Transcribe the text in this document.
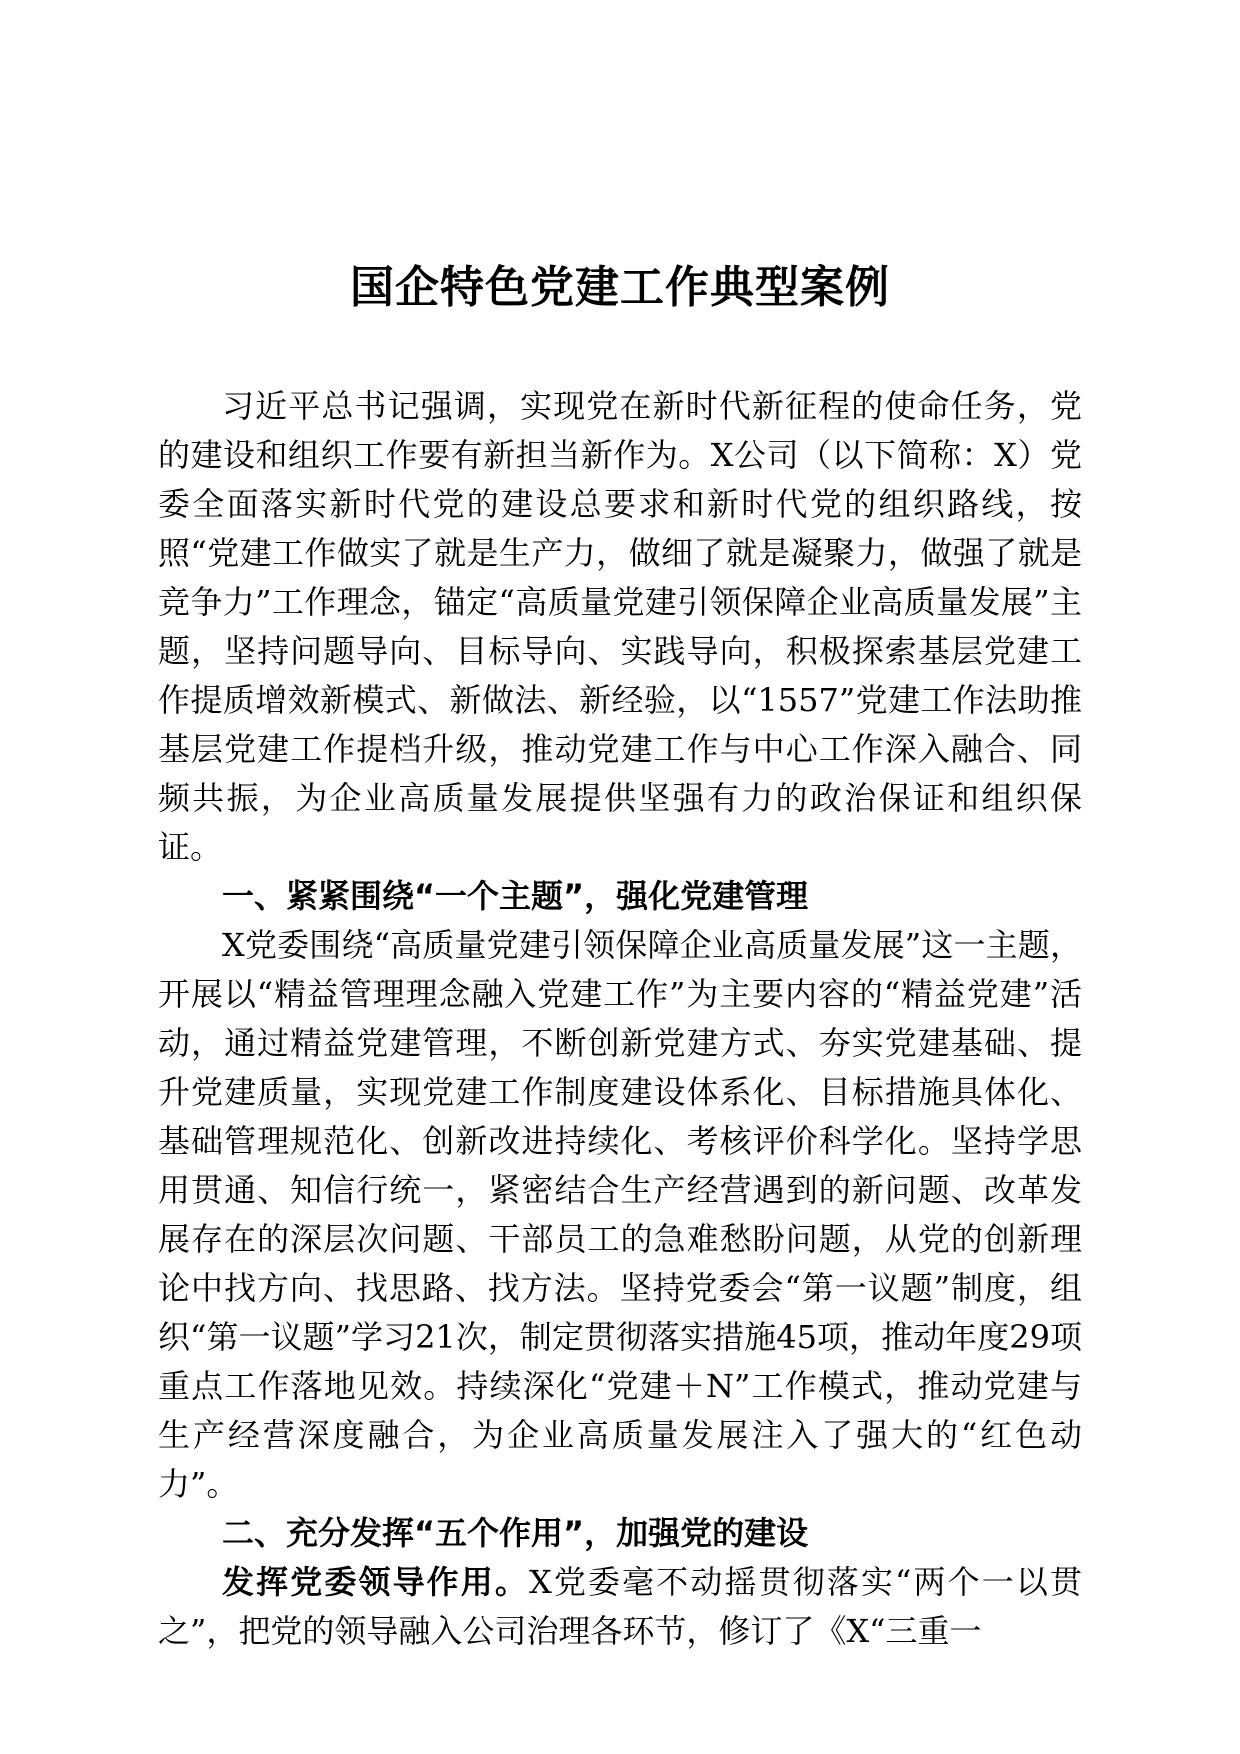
国企特色党建工作典型案例

习近平总书记强调，实现党在新时代新征程的使命任务，党的建设和组织工作要有新担当新作为。X公司（以下简称：X）党委全面落实新时代党的建设总要求和新时代党的组织路线，按照“党建工作做实了就是生产力，做细了就是凝聚力，做强了就是竞争力”工作理念，锚定“高质量党建引领保障企业高质量发展”主题，坚持问题导向、目标导向、实践导向，积极探索基层党建工作提质增效新模式、新做法、新经验，以“1557”党建工作法助推基层党建工作提档升级，推动党建工作与中心工作深入融合、同频共振，为企业高质量发展提供坚强有力的政治保证和组织保证。

一、紧紧围绕“一个主题”，强化党建管理

X党委围绕“高质量党建引领保障企业高质量发展”这一主题，开展以“精益管理理念融入党建工作”为主要内容的“精益党建”活动，通过精益党建管理，不断创新党建方式、夯实党建基础、提升党建质量，实现党建工作制度建设体系化、目标措施具体化、基础管理规范化、创新改进持续化、考核评价科学化。坚持学思用贯通、知信行统一，紧密结合生产经营遇到的新问题、改革发展存在的深层次问题、干部员工的急难愁盼问题，从党的创新理论中找方向、找思路、找方法。坚持党委会“第一议题”制度，组织“第一议题”学习21次，制定贯彻落实措施45项，推动年度29项重点工作落地见效。持续深化“党建＋N”工作模式，推动党建与生产经营深度融合，为企业高质量发展注入了强大的“红色动力”。

二、充分发挥“五个作用”，加强党的建设

发挥党委领导作用。X党委毫不动摇贯彻落实“两个一以贯之”，把党的领导融入公司治理各环节，修订了《X“三重一
